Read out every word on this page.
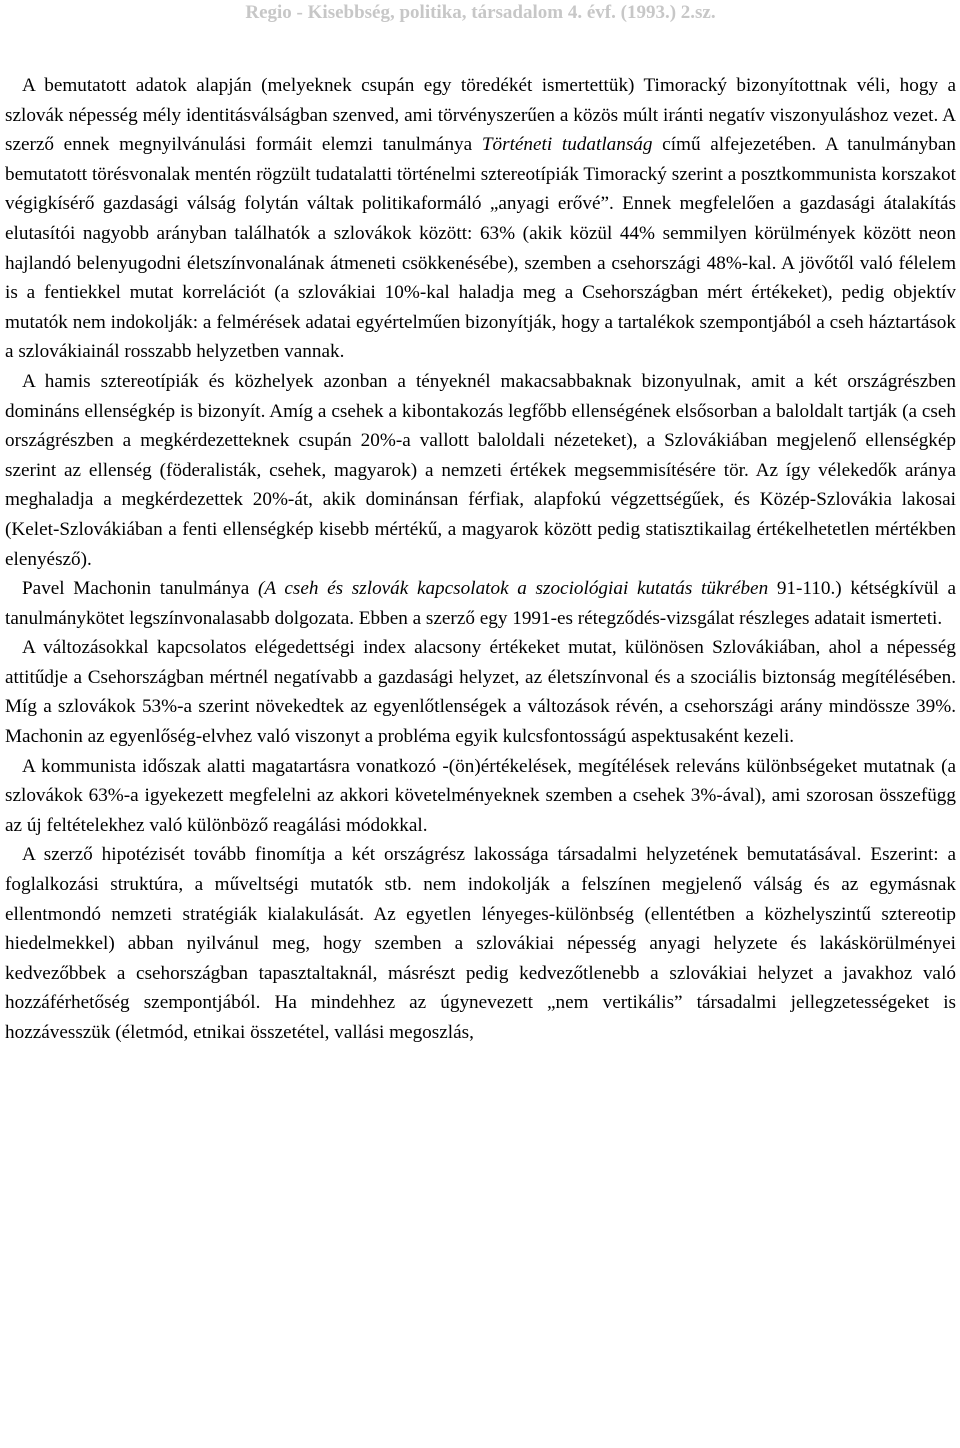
Regio - Kisebbség, politika, társadalom 4. évf. (1993.) 2.sz.

A bemutatott adatok alapján (melyeknek csupán egy töredékét ismertettük) Timoracký bizonyítottnak véli, hogy a szlovák népesség mély identitásválságban szenved, ami törvényszerűen a közös múlt iránti negatív viszonyuláshoz vezet. A szerző ennek megnyilvánulási formáit elemzi tanulmánya Történeti tudatlanság című alfejezetében. A tanulmányban bemutatott törésvonalak mentén rögzült tudatalatti történelmi sztereotípiák Timoracký szerint a posztkommunista korszakot végigkísérő gazdasági válság folytán váltak politikaformáló „anyagi erővé”. Ennek megfelelően a gazdasági átalakítás elutasítói nagyobb arányban találhatók a szlovákok között: 63% (akik közül 44% semmilyen körülmények között neon hajlandó belenyugodni életszínvonalának átmeneti csökkenésébe), szemben a csehországi 48%-kal. A jövőtől való félelem is a fentiekkel mutat korrelációt (a szlovákiai 10%-kal haladja meg a Csehországban mért értékeket), pedig objektív mutatók nem indokolják: a felmérések adatai egyértelműen bizonyítják, hogy a tartalékok szempontjából a cseh háztartások a szlovákiainál rosszabb helyzetben vannak.

A hamis sztereotípiák és közhelyek azonban a tényeknél makacsabbaknak bizonyulnak, amit a két országrészben domináns ellenségkép is bizonyít. Amíg a csehek a kibontakozás legfőbb ellenségének elsősorban a baloldalt tartják (a cseh országrészben a megkérdezetteknek csupán 20%-a vallott baloldali nézeteket), a Szlovákiában megjelenő ellenségkép szerint az ellenség (föderalisták, csehek, magyarok) a nemzeti értékek megsemmisítésére tör. Az így vélekedők aránya meghaladja a megkérdezettek 20%-át, akik dominánsan férfiak, alapfokú végzettségűek, és Közép-Szlovákia lakosai (Kelet-Szlovákiában a fenti ellenségkép kisebb mértékű, a magyarok között pedig statisztikailag értékelhetetlen mértékben elenyésző).

Pavel Machonin tanulmánya (A cseh és szlovák kapcsolatok a szociológiai kutatás tükrében 91-110.) kétségkívül a tanulmánykötet legszínvonalasabb dolgozata. Ebben a szerző egy 1991-es rétegződés-vizsgálat részleges adatait ismerteti.

A változásokkal kapcsolatos elégedettségi index alacsony értékeket mutat, különösen Szlovákiában, ahol a népesség attitűdje a Csehországban mértnél negatívabb a gazdasági helyzet, az életszínvonal és a szociális biztonság megítélésében. Míg a szlovákok 53%-a szerint növekedtek az egyenlőtlenségek a változások révén, a csehországi arány mindössze 39%. Machonin az egyenlőség-elvhez való viszonyt a probléma egyik kulcsfontosságú aspektusaként kezeli.

A kommunista időszak alatti magatartásra vonatkozó -(ön)értékelések, megítélések releváns különbségeket mutatnak (a szlovákok 63%-a igyekezett megfelelni az akkori követelményeknek szemben a csehek 3%-ával), ami szorosan összefügg az új feltételekhez való különböző reagálási módokkal.

A szerző hipotézisét tovább finomítja a két országrész lakossága társadalmi helyzetének bemutatásával. Eszerint: a foglalkozási struktúra, a műveltségi mutatók stb. nem indokolják a felszínen megjelenő válság és az egymásnak ellentmondó nemzeti stratégiák kialakulását. Az egyetlen lényeges-különbség (ellentétben a közhelyszintű sztereotip hiedelmekkel) abban nyilvánul meg, hogy szemben a szlovákiai népesség anyagi helyzete és lakáskörülményei kedvezőbbek a csehországban tapasztaltaknál, másrészt pedig kedvezőtlenebb a szlovákiai helyzet a javakhoz való hozzáférhetőség szempontjából. Ha mindehhez az úgynevezett „nem vertikális” társadalmi jellegzetességeket is hozzávesszük (életmód, etnikai összetétel, vallási megoszlás,
